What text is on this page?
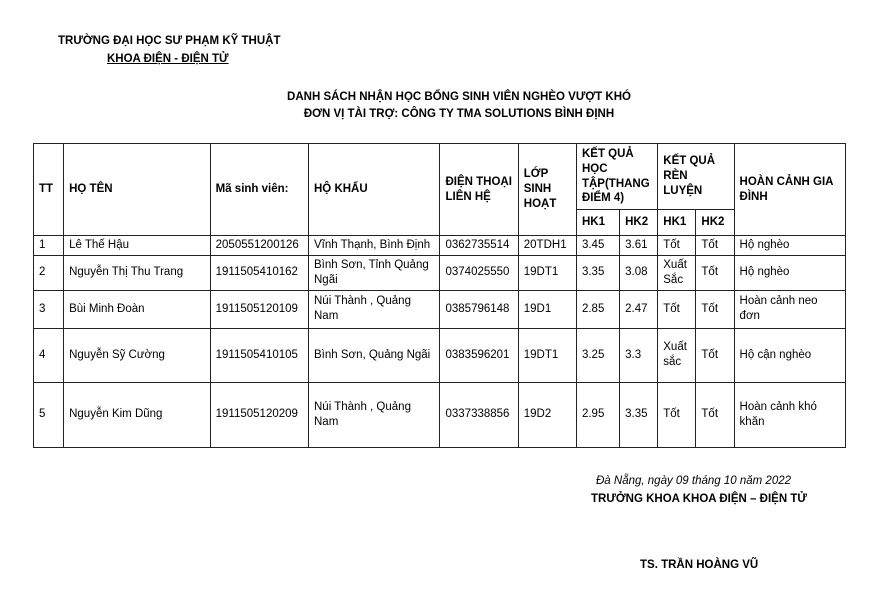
TRƯỜNG ĐẠI HỌC SƯ PHẠM KỸ THUẬT
KHOA ĐIỆN - ĐIỆN TỬ
DANH SÁCH NHẬN HỌC BỔNG SINH VIÊN NGHÈO VƯỢT KHÓ
ĐƠN VỊ TÀI TRỢ: CÔNG TY TMA SOLUTIONS BÌNH ĐỊNH
TT	HỌ TÊN	Mã sinh viên:	HỘ KHẨU	ĐIỆN THOẠI LIÊN HỆ	LỚP SINH HOẠT	KẾT QUẢ HỌC TẬP(THANG ĐIỂM 4)		KẾT QUẢ RÈN LUYỆN		HOÀN CẢNH GIA ĐÌNH
						HK1	HK2	HK1	HK2	
1	Lê Thế Hậu	2050551200126	Vĩnh Thạnh, Bình Định	0362735514	20TDH1	3.45	3.61	Tốt	Tốt	Hộ nghèo
2	Nguyễn Thị Thu Trang	1911505410162	Bình Sơn, Tỉnh Quảng Ngãi	0374025550	19DT1	3.35	3.08	Xuất Sắc	Tốt	Hộ nghèo
3	Bùi Minh Đoàn	1911505120109	Núi Thành , Quảng Nam	0385796148	19D1	2.85	2.47	Tốt	Tốt	Hoàn cảnh neo đơn
4	Nguyễn Sỹ Cường	1911505410105	Bình Sơn, Quảng Ngãi	0383596201	19DT1	3.25	3.3	Xuất sắc	Tốt	Hộ cận nghèo
5	Nguyễn Kim Dũng	1911505120209	Núi Thành , Quảng Nam	0337338856	19D2	2.95	3.35	Tốt	Tốt	Hoàn cảnh khó khăn
Đà Nẵng, ngày 09 tháng 10 năm 2022
TRƯỞNG KHOA KHOA ĐIỆN – ĐIỆN TỬ
TS. TRẦN HOÀNG VŨ
